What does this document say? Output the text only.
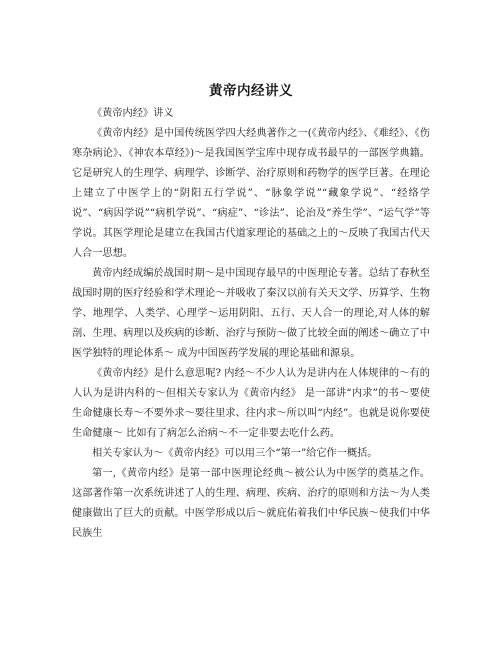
黄帝内经讲义
《黄帝内经》讲义
《黄帝内经》是中国传统医学四大经典著作之一(《黄帝内经》、《难经》、《伤寒杂病论》、《神农本草经》)～是我国医学宝库中现存成书最早的一部医学典籍。它是研究人的生理学、病理学、诊断学、治疗原则和药物学的医学巨著。在理论上建立了中医学上的“阴阳五行学说”、“脉象学说”“藏象学说”、“经络学说”、“病因学说”“病机学说”、“病症”、“诊法”、论治及“养生学”、“运气学”等学说。其医学理论是建立在我国古代道家理论的基础之上的～反映了我国古代天人合一思想。
黄帝内经成编於战国时期～是中国现存最早的中医理论专著。总结了春秋至战国时期的医疗经验和学术理论～并吸收了秦汉以前有关天文学、历算学、生物学、地理学、人类学、心理学～运用阴阳、五行、天人合一的理论,对人体的解剖、生理、病理以及疾病的诊断、治疗与预防～做了比较全面的阐述～确立了中医学独特的理论体系～ 成为中国医药学发展的理论基础和源泉。
《黄帝内经》是什么意思呢? 内经～不少人认为是讲内在人体规律的～有的人认为是讲内科的～但相关专家认为《黄帝内经》 是一部讲“内求”的书～要使生命健康长寿～不要外求～要往里求、往内求～所以叫“内经”。也就是说你要使生命健康～ 比如有了病怎么治病～不一定非要去吃什么药。
相关专家认为～《黄帝内经》可以用三个“第一”给它作一概括。
第一,《黄帝内经》是第一部中医理论经典～被公认为中医学的奠基之作。这部著作第一次系统讲述了人的生理、病理、疾病、治疗的原则和方法～为人类健康做出了巨大的贡献。中医学形成以后～就庇佑着我们中华民族～使我们中华民族生
